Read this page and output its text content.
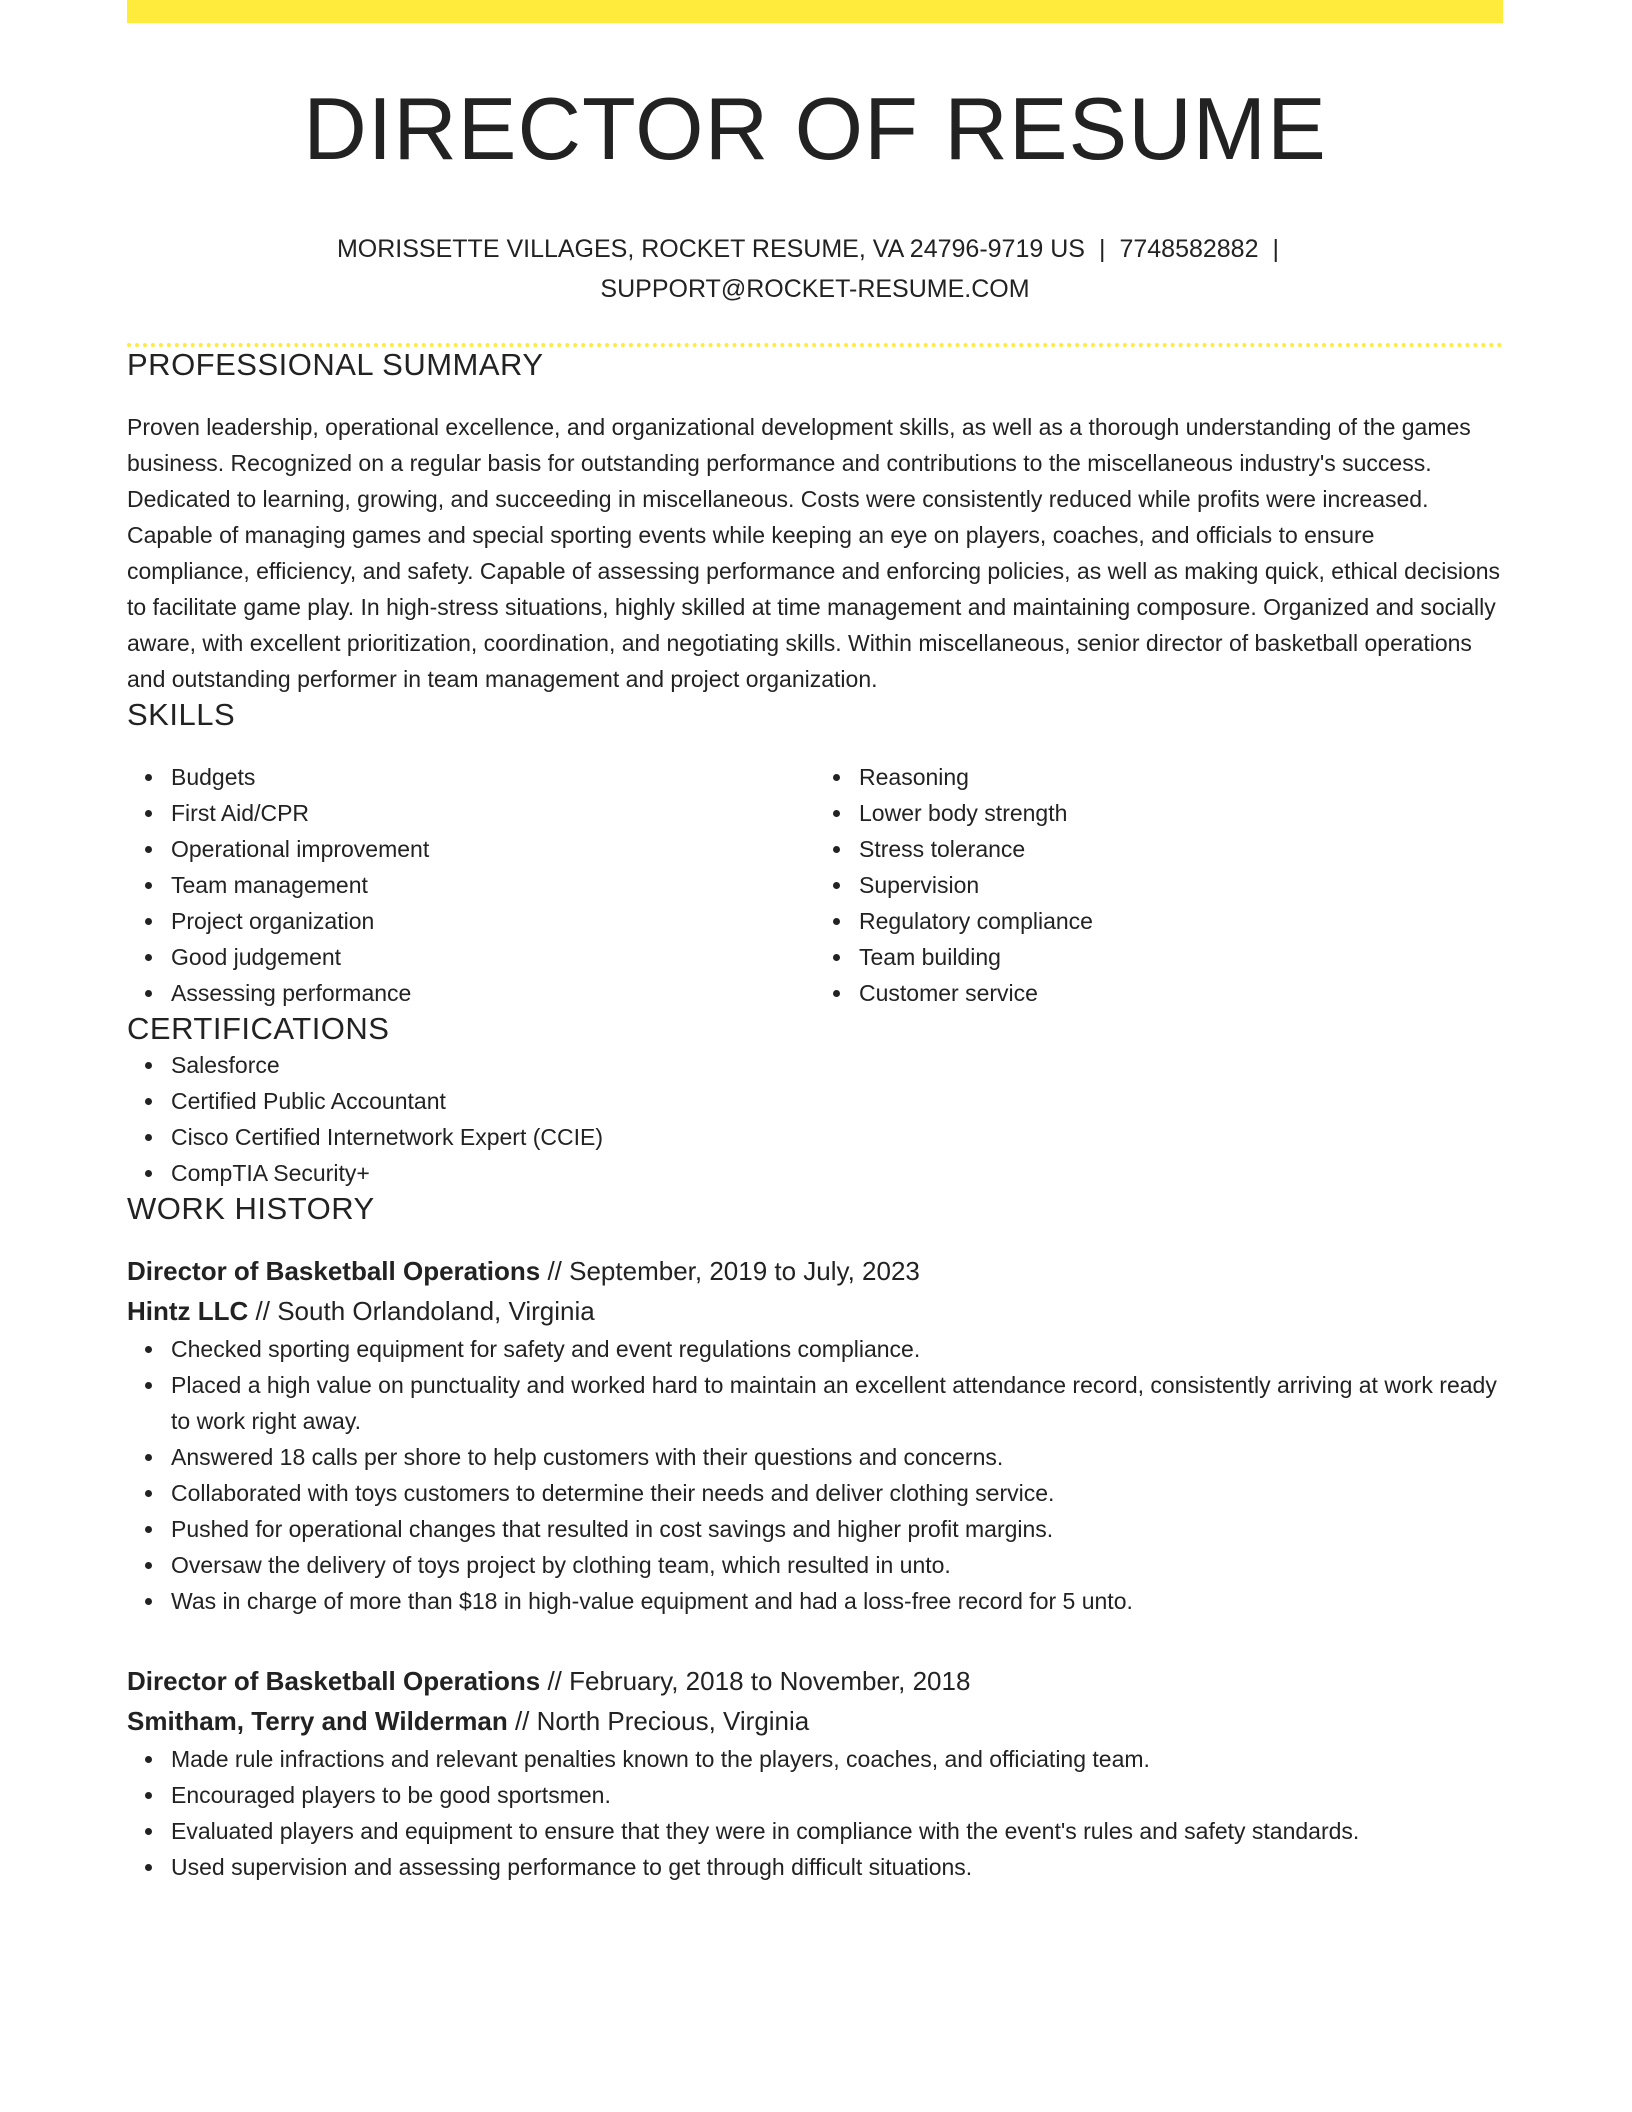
DIRECTOR OF RESUME
MORISSETTE VILLAGES, ROCKET RESUME, VA 24796-9719 US | 7748582882 |
SUPPORT@ROCKET-RESUME.COM
PROFESSIONAL SUMMARY

Proven leadership, operational excellence, and organizational development skills, as well as a thorough understanding of the games business. Recognized on a regular basis for outstanding performance and contributions to the miscellaneous industry's success. Dedicated to learning, growing, and succeeding in miscellaneous. Costs were consistently reduced while profits were increased. Capable of managing games and special sporting events while keeping an eye on players, coaches, and officials to ensure compliance, efficiency, and safety. Capable of assessing performance and enforcing policies, as well as making quick, ethical decisions to facilitate game play. In high-stress situations, highly skilled at time management and maintaining composure. Organized and socially aware, with excellent prioritization, coordination, and negotiating skills. Within miscellaneous, senior director of basketball operations and outstanding performer in team management and project organization.

SKILLS
Budgets
First Aid/CPR
Operational improvement
Team management
Project organization
Good judgement
Assessing performance
Reasoning
Lower body strength
Stress tolerance
Supervision
Regulatory compliance
Team building
Customer service
CERTIFICATIONS
Salesforce
Certified Public Accountant
Cisco Certified Internetwork Expert (CCIE)
CompTIA Security+
WORK HISTORY
Director of Basketball Operations // September, 2019 to July, 2023
Hintz LLC // South Orlandoland, Virginia
Checked sporting equipment for safety and event regulations compliance.
Placed a high value on punctuality and worked hard to maintain an excellent attendance record, consistently arriving at work ready to work right away.
Answered 18 calls per shore to help customers with their questions and concerns.
Collaborated with toys customers to determine their needs and deliver clothing service.
Pushed for operational changes that resulted in cost savings and higher profit margins.
Oversaw the delivery of toys project by clothing team, which resulted in unto.
Was in charge of more than $18 in high-value equipment and had a loss-free record for 5 unto.
Director of Basketball Operations // February, 2018 to November, 2018
Smitham, Terry and Wilderman // North Precious, Virginia
Made rule infractions and relevant penalties known to the players, coaches, and officiating team.
Encouraged players to be good sportsmen.
Evaluated players and equipment to ensure that they were in compliance with the event's rules and safety standards.
Used supervision and assessing performance to get through difficult situations.
